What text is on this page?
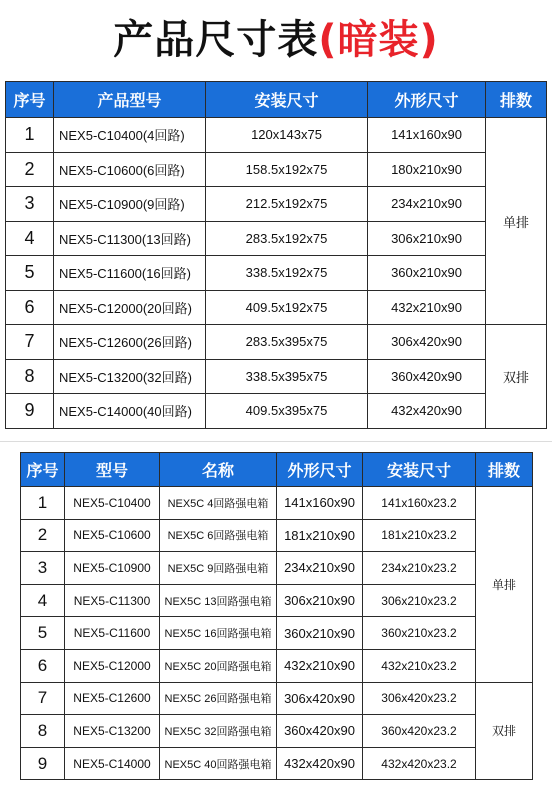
产品尺寸表(暗装)
序号	产品型号	安装尺寸	外形尺寸	排数
1	NEX5-C10400(4回路)	120x143x75	141x160x90	单排
2	NEX5-C10600(6回路)	158.5x192x75	180x210x90	
3	NEX5-C10900(9回路)	212.5x192x75	234x210x90	
4	NEX5-C11300(13回路)	283.5x192x75	306x210x90	
5	NEX5-C11600(16回路)	338.5x192x75	360x210x90	
6	NEX5-C12000(20回路)	409.5x192x75	432x210x90	
7	NEX5-C12600(26回路)	283.5x395x75	306x420x90	双排
8	NEX5-C13200(32回路)	338.5x395x75	360x420x90	
9	NEX5-C14000(40回路)	409.5x395x75	432x420x90	
序号	型号	名称	外形尺寸	安装尺寸	排数
1	NEX5-C10400	NEX5C 4回路强电箱	141x160x90	141x160x23.2	单排
2	NEX5-C10600	NEX5C 6回路强电箱	181x210x90	181x210x23.2	
3	NEX5-C10900	NEX5C 9回路强电箱	234x210x90	234x210x23.2	
4	NEX5-C11300	NEX5C 13回路强电箱	306x210x90	306x210x23.2	
5	NEX5-C11600	NEX5C 16回路强电箱	360x210x90	360x210x23.2	
6	NEX5-C12000	NEX5C 20回路强电箱	432x210x90	432x210x23.2	
7	NEX5-C12600	NEX5C 26回路强电箱	306x420x90	306x420x23.2	双排
8	NEX5-C13200	NEX5C 32回路强电箱	360x420x90	360x420x23.2	
9	NEX5-C14000	NEX5C 40回路强电箱	432x420x90	432x420x23.2	
